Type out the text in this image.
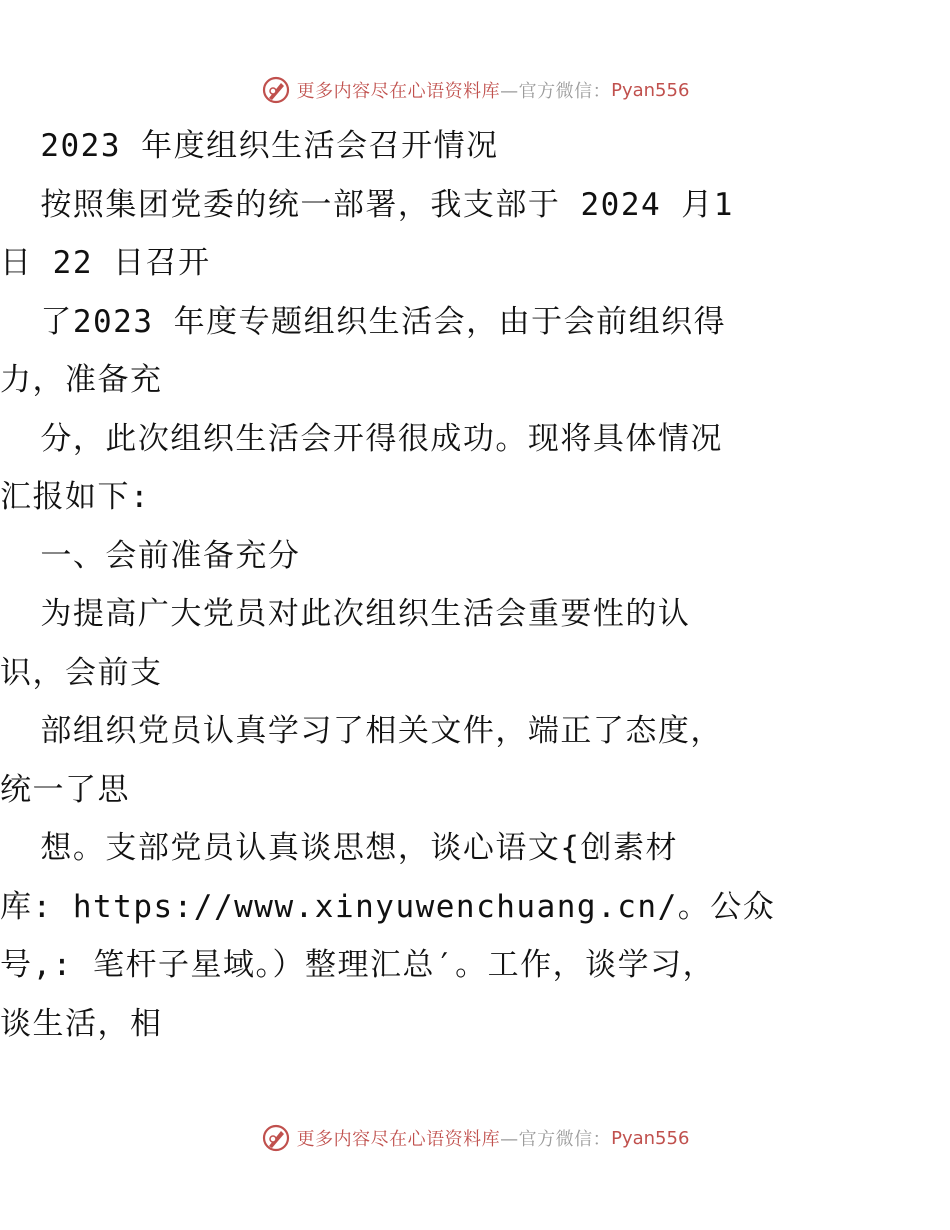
更多内容尽在心语资料库 —官方微信： Pyan556
2023 年度组织生活会召开情况
按照集团党委的统一部署，我支部于 2024 月1
日 22 日召开
了2023 年度专题组织生活会，由于会前组织得
力，准备充
分，此次组织生活会开得很成功。现将具体情况
汇报如下:
一、会前准备充分
为提高广大党员对此次组织生活会重要性的认
识，会前支
部组织党员认真学习了相关文件，端正了态度，
统一了思
想。支部党员认真谈思想，谈心语文{创素材
库: https://www.xinyuwenchuang.cn/。公众
号,: 笔杆子星域。）整理汇总′。工作，谈学习，
谈生活，相
更多内容尽在心语资料库 —官方微信： Pyan556
